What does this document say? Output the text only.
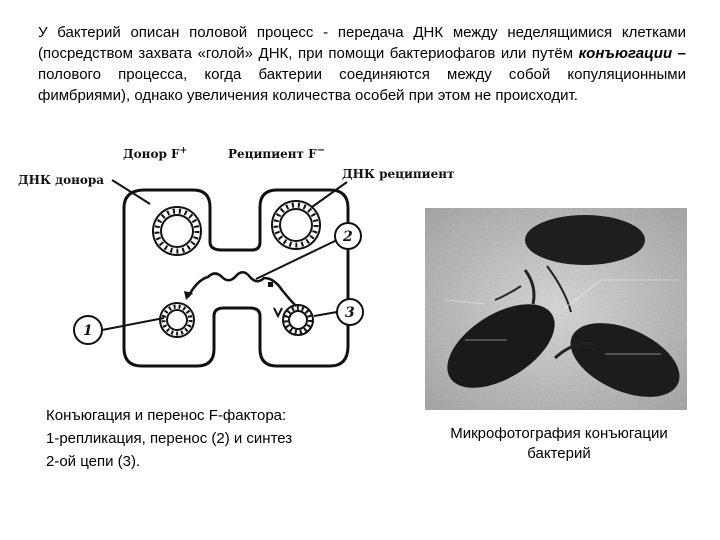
У бактерий описан половой процесс - передача ДНК между неделящимися клетками (посредством захвата «голой» ДНК, при помощи бактериофагов или путём конъюгации – полового процесса, когда бактерии соединяются между собой копуляционными фимбриями), однако увеличения количества особей при этом не происходит.
Донор F+	Реципиент F−
ДНК донора	ДНК реципиент
1
2
3
Конъюгация и перенос F-фактора:
1-репликация, перенос (2) и синтез
2-ой цепи (3).
Микрофотография конъюгации
бактерий
